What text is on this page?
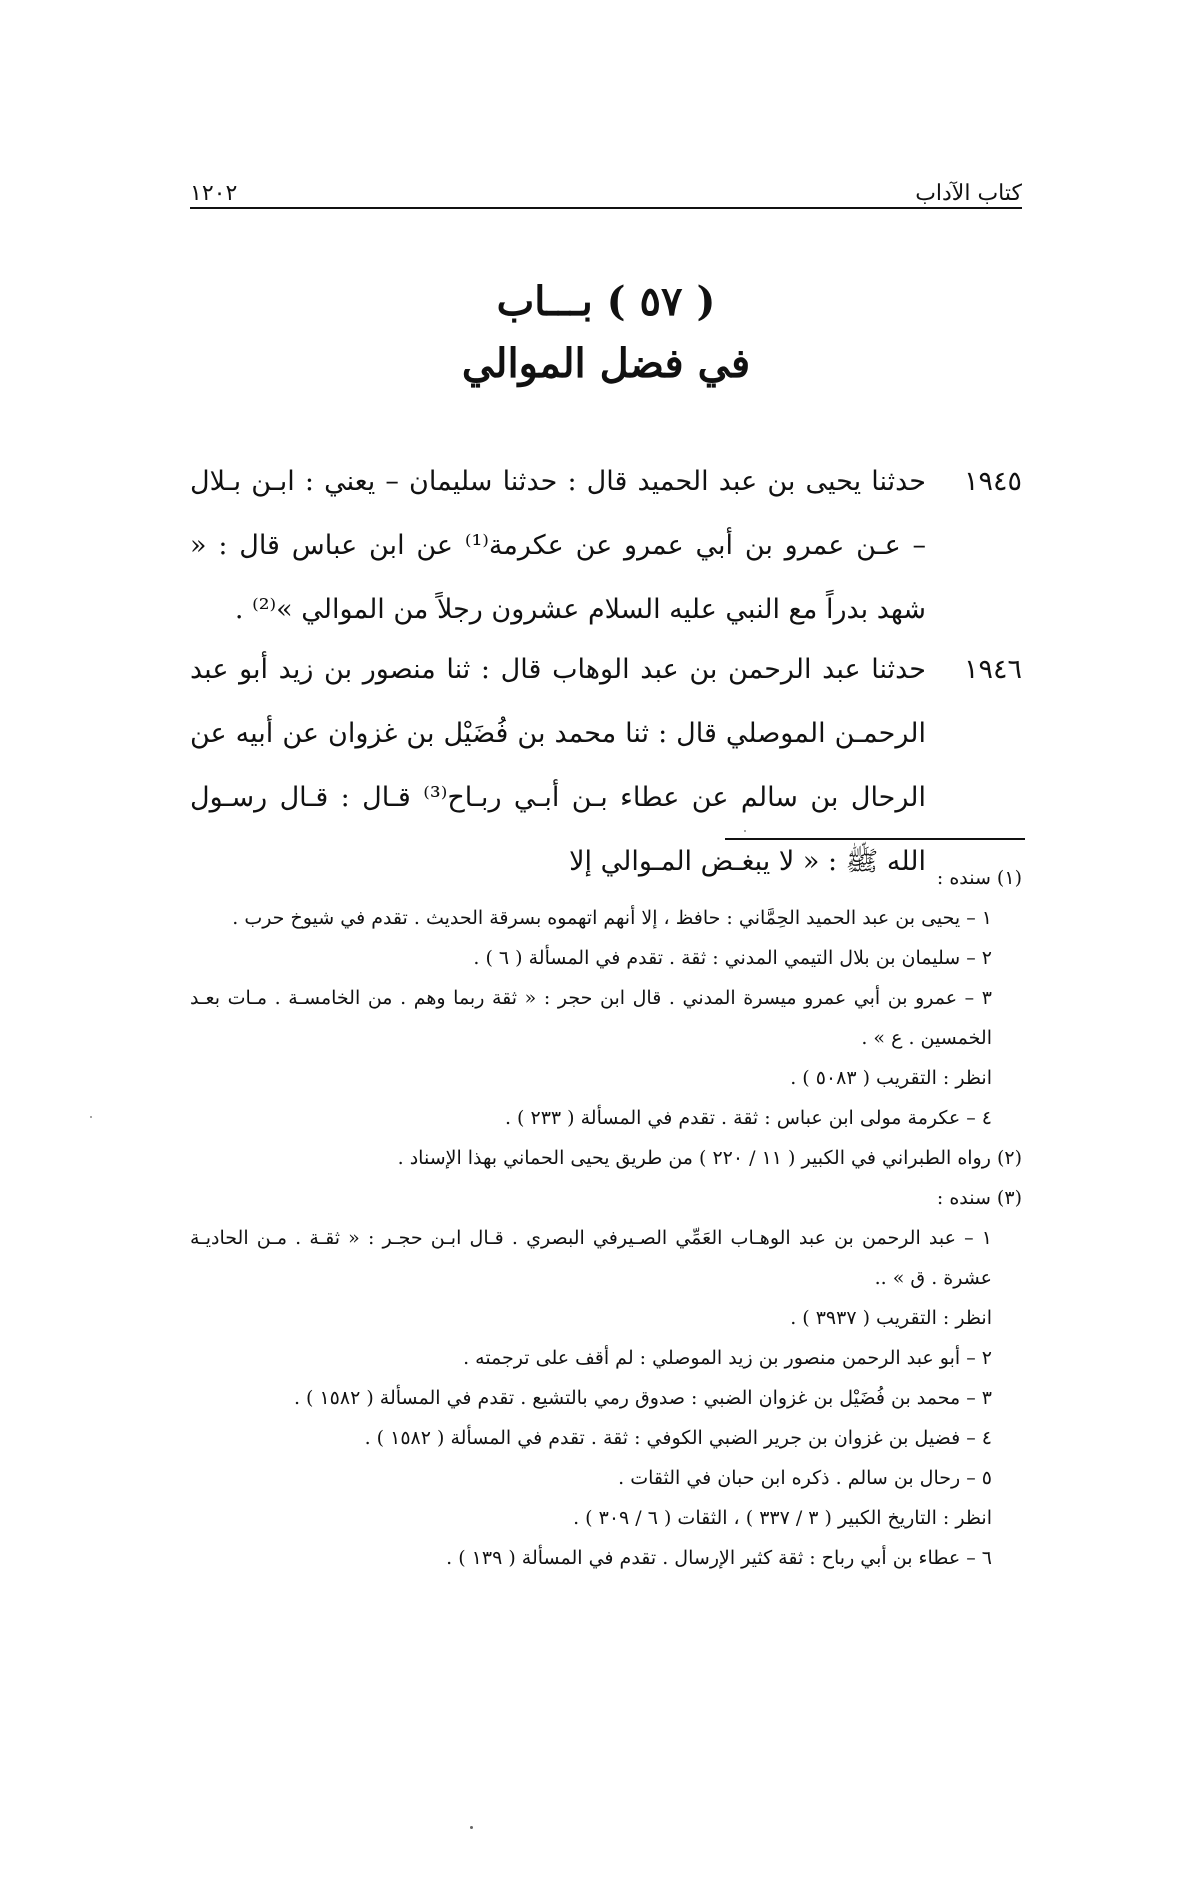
كتاب الآداب
١٢٠٢
( ٥٧ ) بـــاب
في فضل الموالي
١٩٤٥
حدثنا يحيى بن عبد الحميد قال : حدثنا سليمان – يعني : ابـن بـلال – عـن عمرو بن أبي عمرو عن عكرمة⁽¹⁾ عن ابن عباس قال : « شهد بدراً مع النبي عليه السلام عشرون رجلاً من الموالي »⁽²⁾ .
١٩٤٦
حدثنا عبد الرحمن بن عبد الوهاب قال : ثنا منصور بن زيد أبو عبد الرحمـن الموصلي قال : ثنا محمد بن فُضَيْل بن غزوان عن أبيه عن الرحال بن سالم عن عطاء بـن أبـي ربـاح⁽³⁾ قـال : قـال رسـول الله ﷺ : « لا يبغـض المـوالي إلا
(١) سنده :
١ – يحيى بن عبد الحميد الحِمَّاني : حافظ ، إلا أنهم اتهموه بسرقة الحديث . تقدم في شيوخ حرب .
٢ – سليمان بن بلال التيمي المدني : ثقة . تقدم في المسألة ( ٦ ) .
٣ – عمرو بن أبي عمرو ميسرة المدني . قال ابن حجر : « ثقة ربما وهم . من الخامسـة . مـات بعـد الخمسين . ع » .
انظر : التقريب ( ٥٠٨٣ ) .
٤ – عكرمة مولى ابن عباس : ثقة . تقدم في المسألة ( ٢٣٣ ) .
(٢) رواه الطبراني في الكبير ( ١١ / ٢٢٠ ) من طريق يحيى الحماني بهذا الإسناد .
(٣) سنده :
١ – عبد الرحمن بن عبد الوهـاب العَمِّي الصـيرفي البصري . قـال ابـن حجـر : « ثقـة . مـن الحاديـة عشرة . ق » ..
انظر : التقريب ( ٣٩٣٧ ) .
٢ – أبو عبد الرحمن منصور بن زيد الموصلي : لم أقف على ترجمته .
٣ – محمد بن فُضَيْل بن غزوان الضبي : صدوق رمي بالتشيع . تقدم في المسألة ( ١٥٨٢ ) .
٤ – فضيل بن غزوان بن جرير الضبي الكوفي : ثقة . تقدم في المسألة ( ١٥٨٢ ) .
٥ – رحال بن سالم . ذكره ابن حبان في الثقات .
انظر : التاريخ الكبير ( ٣ / ٣٣٧ ) ، الثقات ( ٦ / ٣٠٩ ) .
٦ – عطاء بن أبي رباح : ثقة كثير الإرسال . تقدم في المسألة ( ١٣٩ ) .
